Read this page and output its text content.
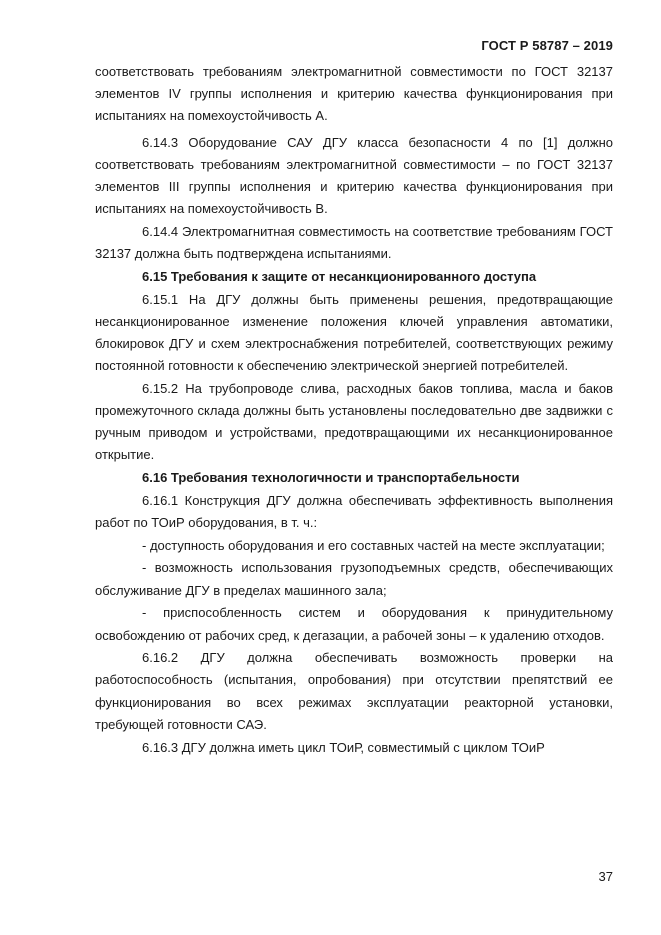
ГОСТ Р 58787 – 2019

соответствовать требованиям электромагнитной совместимости по ГОСТ 32137 элементов IV группы исполнения и критерию качества функционирования при испытаниях на помехоустойчивость А.

6.14.3 Оборудование САУ ДГУ класса безопасности 4 по [1] должно соответствовать требованиям электромагнитной совместимости – по ГОСТ 32137 элементов III группы исполнения и критерию качества функционирования при испытаниях на помехоустойчивость В.

6.14.4 Электромагнитная совместимость на соответствие требованиям ГОСТ 32137 должна быть подтверждена испытаниями.

6.15 Требования к защите от несанкционированного доступа

6.15.1 На ДГУ должны быть применены решения, предотвращающие несанкционированное изменение положения ключей управления автоматики, блокировок ДГУ и схем электроснабжения потребителей, соответствующих режиму постоянной готовности к обеспечению электрической энергией потребителей.

6.15.2 На трубопроводе слива, расходных баков топлива, масла и баков промежуточного склада должны быть установлены последовательно две задвижки с ручным приводом и устройствами, предотвращающими их несанкционированное открытие.

6.16 Требования технологичности и транспортабельности

6.16.1 Конструкция ДГУ должна обеспечивать эффективность выполнения работ по ТОиР оборудования, в т. ч.:

- доступность оборудования и его составных частей на месте эксплуатации;

- возможность использования грузоподъемных средств, обеспечивающих обслуживание ДГУ в пределах машинного зала;

- приспособленность систем и оборудования к принудительному освобождению от рабочих сред, к дегазации, а рабочей зоны – к удалению отходов.

6.16.2 ДГУ должна обеспечивать возможность проверки на работоспособность (испытания, опробования) при отсутствии препятствий ее функционирования во всех режимах эксплуатации реакторной установки, требующей готовности САЭ.

6.16.3 ДГУ должна иметь цикл ТОиР, совместимый с циклом ТОиР

37
